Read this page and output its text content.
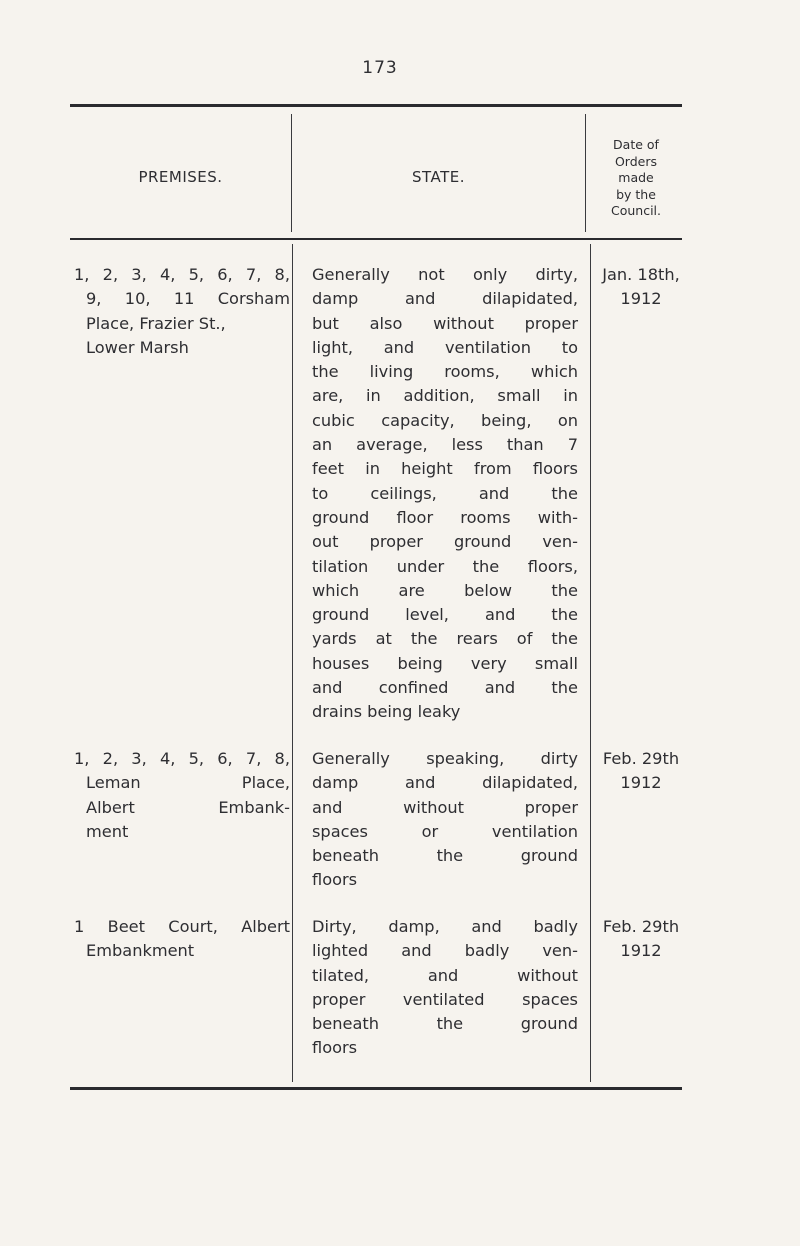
173
PREMISES.	STATE.
Date of
Orders
made
by the
Council.
1, 2, 3, 4, 5, 6, 7, 8,
9, 10, 11 Corsham
Place, Frazier St.,
Lower Marsh
Generally not only dirty,
damp and dilapidated,
but also without proper
light, and ventilation to
the living rooms, which
are, in addition, small in
cubic capacity, being, on
an average, less than 7
feet in height from floors
to ceilings, and the
ground floor rooms with-
out proper ground ven-
tilation under the floors,
which are below the
ground level, and the
yards at the rears of the
houses being very small
and confined and the
drains being leaky
Jan. 18th,
1912
1, 2, 3, 4, 5, 6, 7, 8,
Leman Place,
Albert Embank-
ment
Generally speaking, dirty
damp and dilapidated,
and without proper
spaces or ventilation
beneath the ground
floors
Feb. 29th
1912
1 Beet Court, Albert
Embankment
Dirty, damp, and badly
lighted and badly ven-
tilated, and without
proper ventilated spaces
beneath the ground
floors
Feb. 29th
1912
